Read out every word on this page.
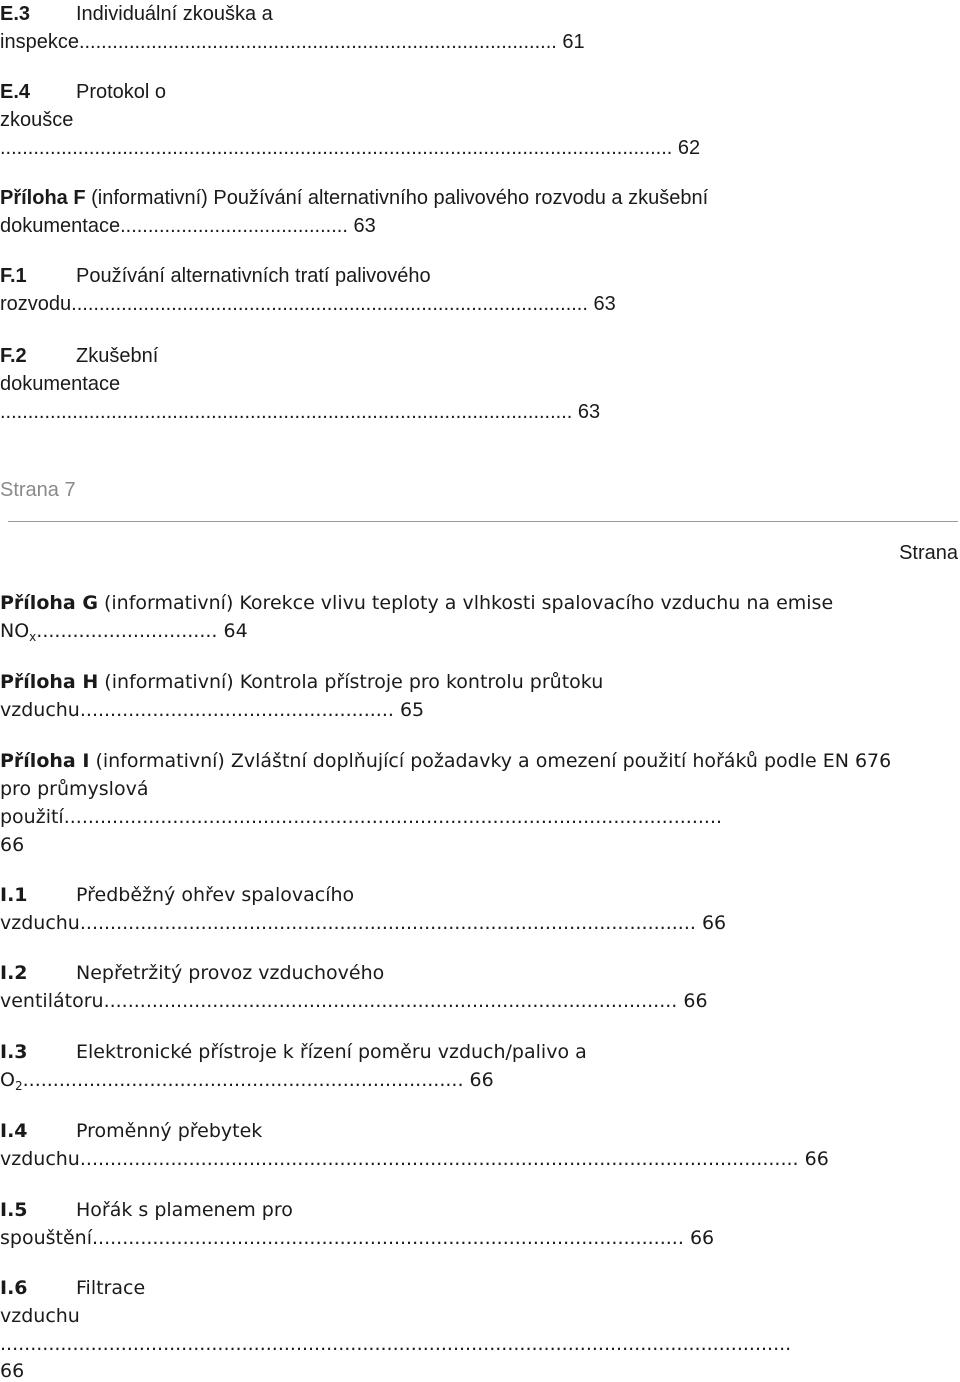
E.3 Individuální zkouška a
inspekce...................................................................................... 61
E.4 Protokol o
zkoušce
......................................................................................................................... 62
Příloha F (informativní) Používání alternativního palivového rozvodu a zkušební
dokumentace......................................... 63
F.1 Používání alternativních tratí palivového
rozvodu............................................................................................. 63
F.2 Zkušební
dokumentace
....................................................................................................... 63
Strana 7
Strana
Příloha G (informativní) Korekce vlivu teploty a vlhkosti spalovacího vzduchu na emise
$NO_x$.............................. 64
Příloha H (informativní) Kontrola přístroje pro kontrolu průtoku
vzduchu.................................................... 65
Příloha I (informativní) Zvláštní doplňující požadavky a omezení použití hořáků podle EN 676
pro průmyslová
použití.............................................................................................................
66
I.1	Předběžný ohřev spalovacího
vzduchu...................................................................................................... 66
I.2	Nepřetržitý provoz vzduchového
ventilátoru............................................................................................... 66
I.3	Elektronické přístroje k řízení poměru vzduch/palivo a
$O_2$......................................................................... 66
I.4	Proměnný přebytek
vzduchu....................................................................................................................... 66
I.5	Hořák s plamenem pro
spouštění.................................................................................................. 66
I.6	Filtrace
vzduchu
...................................................................................................................................
66
